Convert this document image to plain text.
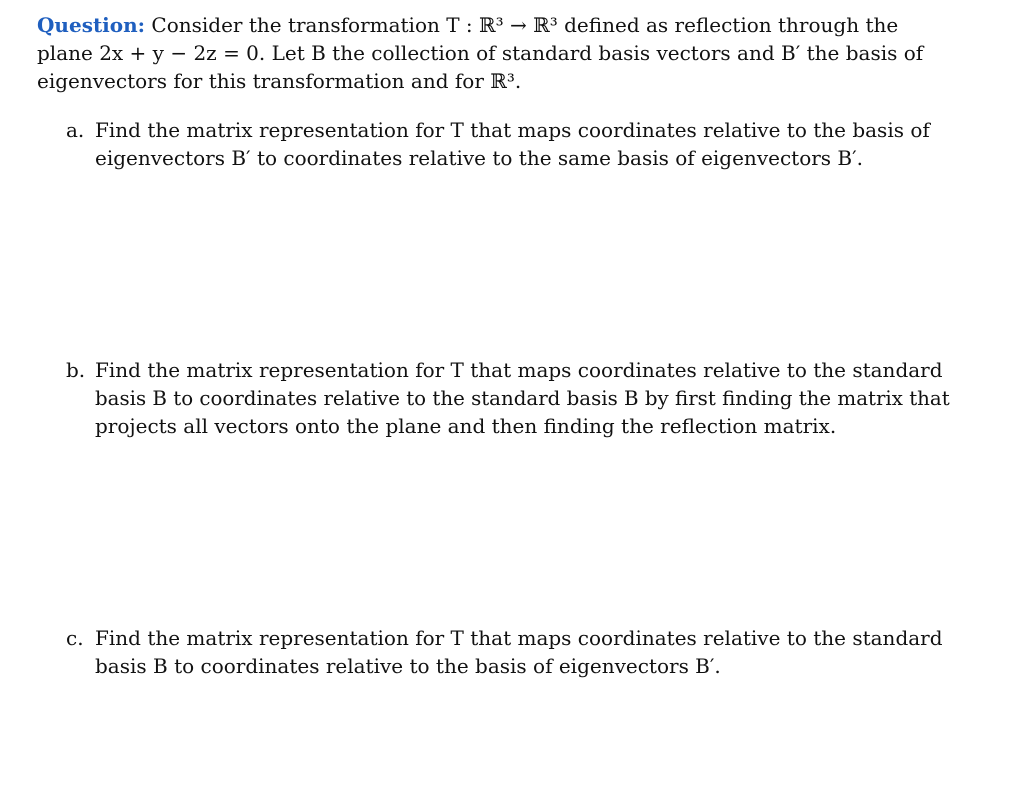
Question: Consider the transformation T : ℝ³ → ℝ³ defined as reflection through the
plane 2x + y − 2z = 0. Let B the collection of standard basis vectors and B′ the basis of
eigenvectors for this transformation and for ℝ³.
a. Find the matrix representation for T that maps coordinates relative to the basis of
eigenvectors B′ to coordinates relative to the same basis of eigenvectors B′.
b. Find the matrix representation for T that maps coordinates relative to the standard
basis B to coordinates relative to the standard basis B by first finding the matrix that
projects all vectors onto the plane and then finding the reflection matrix.
c. Find the matrix representation for T that maps coordinates relative to the standard
basis B to coordinates relative to the basis of eigenvectors B′.
